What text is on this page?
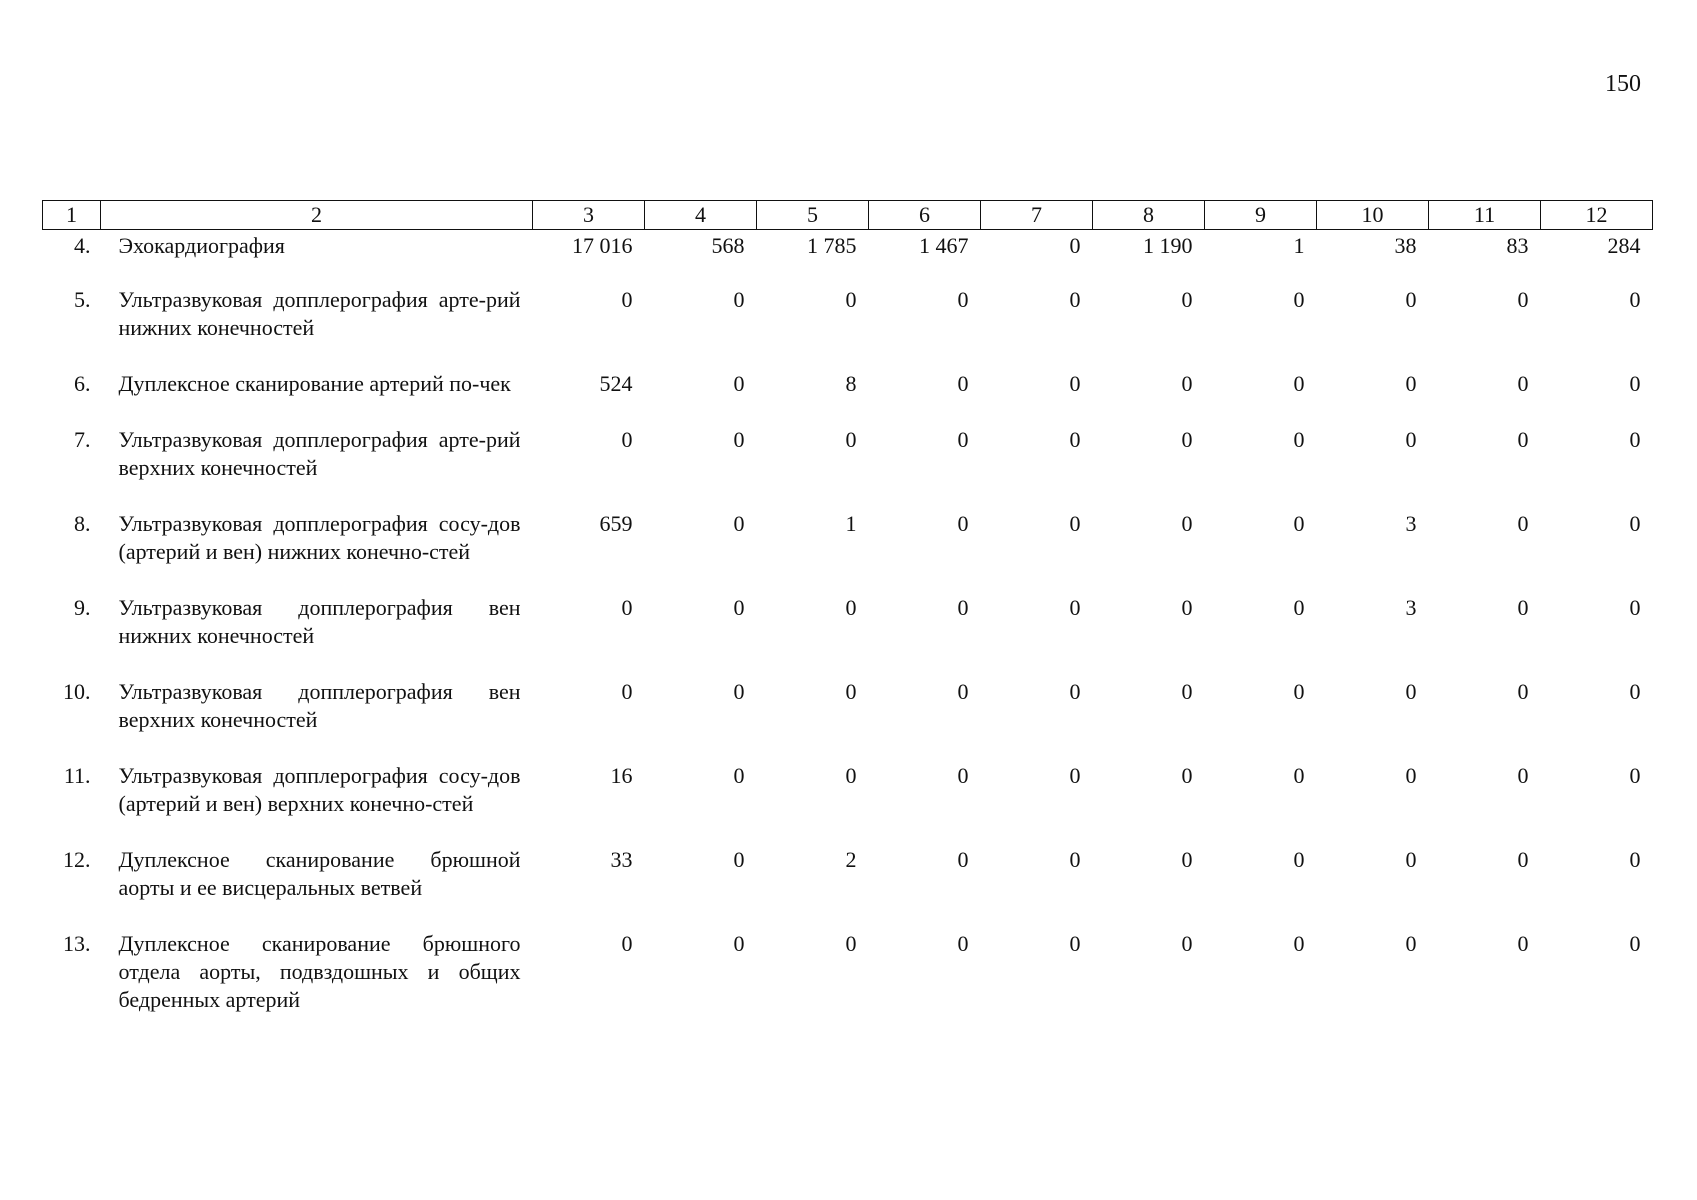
150
1	2	3	4	5	6	7	8	9	10	11	12
4.	Эхокардиография	17 016	568	1 785	1 467	0	1 190	1	38	83	284
5.	Ультразвуковая допплерография арте-рий нижних конечностей	0	0	0	0	0	0	0	0	0	0
6.	Дуплексное сканирование артерий по-чек	524	0	8	0	0	0	0	0	0	0
7.	Ультразвуковая допплерография арте-рий верхних конечностей	0	0	0	0	0	0	0	0	0	0
8.	Ультразвуковая допплерография сосу-дов (артерий и вен) нижних конечно-стей	659	0	1	0	0	0	0	3	0	0
9.	Ультразвуковая допплерография вен нижних конечностей	0	0	0	0	0	0	0	3	0	0
10.	Ультразвуковая допплерография вен верхних конечностей	0	0	0	0	0	0	0	0	0	0
11.	Ультразвуковая допплерография сосу-дов (артерий и вен) верхних конечно-стей	16	0	0	0	0	0	0	0	0	0
12.	Дуплексное сканирование брюшной аорты и ее висцеральных ветвей	33	0	2	0	0	0	0	0	0	0
13.	Дуплексное сканирование брюшного отдела аорты, подвздошных и общих бедренных артерий	0	0	0	0	0	0	0	0	0	0
